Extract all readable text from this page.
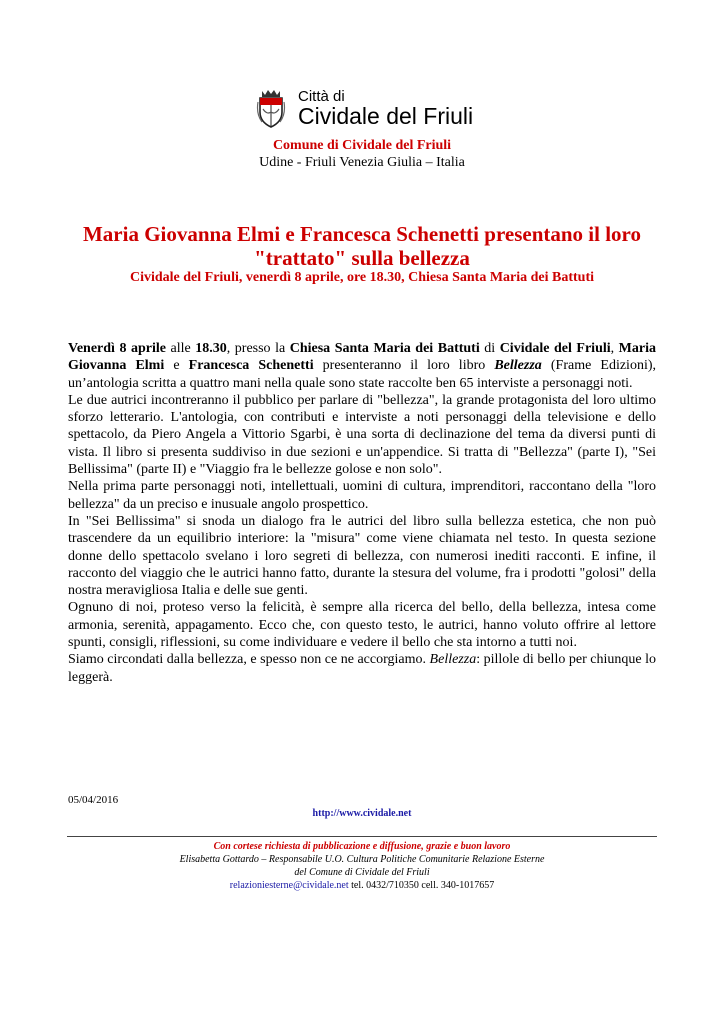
Città di
Cividale del Friuli
Comune di Cividale del Friuli
Udine - Friuli Venezia Giulia – Italia
Maria Giovanna Elmi e Francesca Schenetti presentano il loro "trattato" sulla bellezza
Cividale del Friuli, venerdì 8 aprile, ore 18.30, Chiesa Santa Maria dei Battuti

Venerdì 8 aprile alle 18.30, presso la Chiesa Santa Maria dei Battuti di Cividale del Friuli, Maria Giovanna Elmi e Francesca Schenetti presenteranno il loro libro Bellezza (Frame Edizioni), un’antologia scritta a quattro mani nella quale sono state raccolte ben 65 interviste a personaggi noti.

Le due autrici incontreranno il pubblico per parlare di "bellezza", la grande protagonista del loro ultimo sforzo letterario. L'antologia, con contributi e interviste a noti personaggi della televisione e dello spettacolo, da Piero Angela a Vittorio Sgarbi, è una sorta di declinazione del tema da diversi punti di vista. Il libro si presenta suddiviso in due sezioni e un'appendice. Si tratta di "Bellezza" (parte I), "Sei Bellissima" (parte II) e "Viaggio fra le bellezze golose e non solo".

Nella prima parte personaggi noti, intellettuali, uomini di cultura, imprenditori, raccontano della "loro bellezza" da un preciso e inusuale angolo prospettico.

In "Sei Bellissima" si snoda un dialogo fra le autrici del libro sulla bellezza estetica, che non può trascendere da un equilibrio interiore: la "misura" come viene chiamata nel testo. In questa sezione donne dello spettacolo svelano i loro segreti di bellezza, con numerosi inediti racconti. E infine, il racconto del viaggio che le autrici hanno fatto, durante la stesura del volume, fra i prodotti "golosi" della nostra meravigliosa Italia e delle sue genti.

Ognuno di noi, proteso verso la felicità, è sempre alla ricerca del bello, della bellezza, intesa come armonia, serenità, appagamento. Ecco che, con questo testo, le autrici, hanno voluto offrire al lettore spunti, consigli, riflessioni, su come individuare e vedere il bello che sta intorno a tutti noi.

Siamo circondati dalla bellezza, e spesso non ce ne accorgiamo. Bellezza: pillole di bello per chiunque lo leggerà.

05/04/2016
http://www.cividale.net
Con cortese richiesta di pubblicazione e diffusione, grazie e buon lavoro
Elisabetta Gottardo – Responsabile U.O. Cultura Politiche Comunitarie Relazione Esterne
del Comune di Cividale del Friuli
relazioniesterne@cividale.net tel. 0432/710350 cell. 340-1017657
